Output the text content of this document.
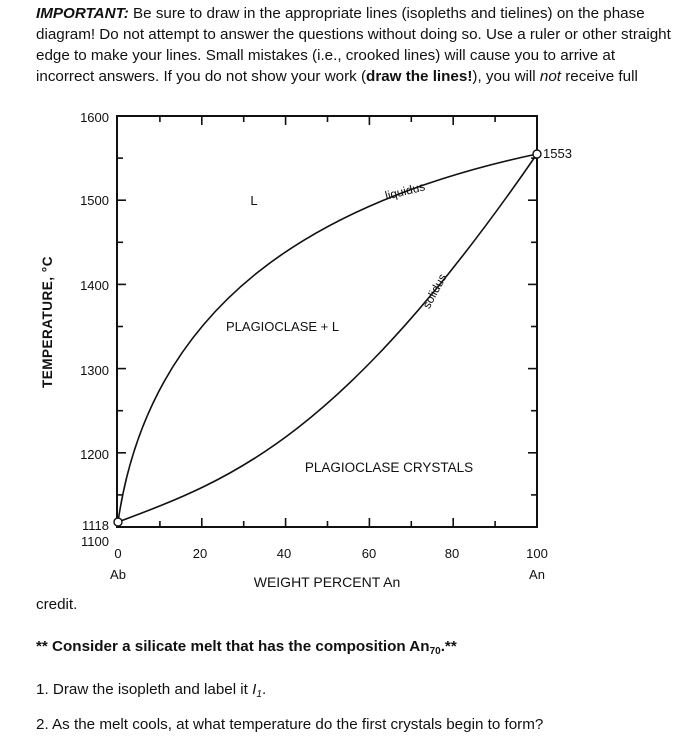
IMPORTANT: Be sure to draw in the appropriate lines (isopleths and tielines) on the phase diagram! Do not attempt to answer the questions without doing so. Use a ruler or other straight edge to make your lines. Small mistakes (i.e., crooked lines) will cause you to arrive at incorrect answers. If you do not show your work (draw the lines!), you will not receive full
1600
1500
1400
1300
1200
1100
1118
TEMPERATURE, °C
0	20	40	60	80	100
Ab	An
WEIGHT PERCENT An
1553
L
PLAGIOCLASE + L
PLAGIOCLASE CRYSTALS
liquidus
solidus
credit.
** Consider a silicate melt that has the composition $An_{70}.**$
1. Draw the isopleth and label it I1.
2. As the melt cools, at what temperature do the first crystals begin to form?
